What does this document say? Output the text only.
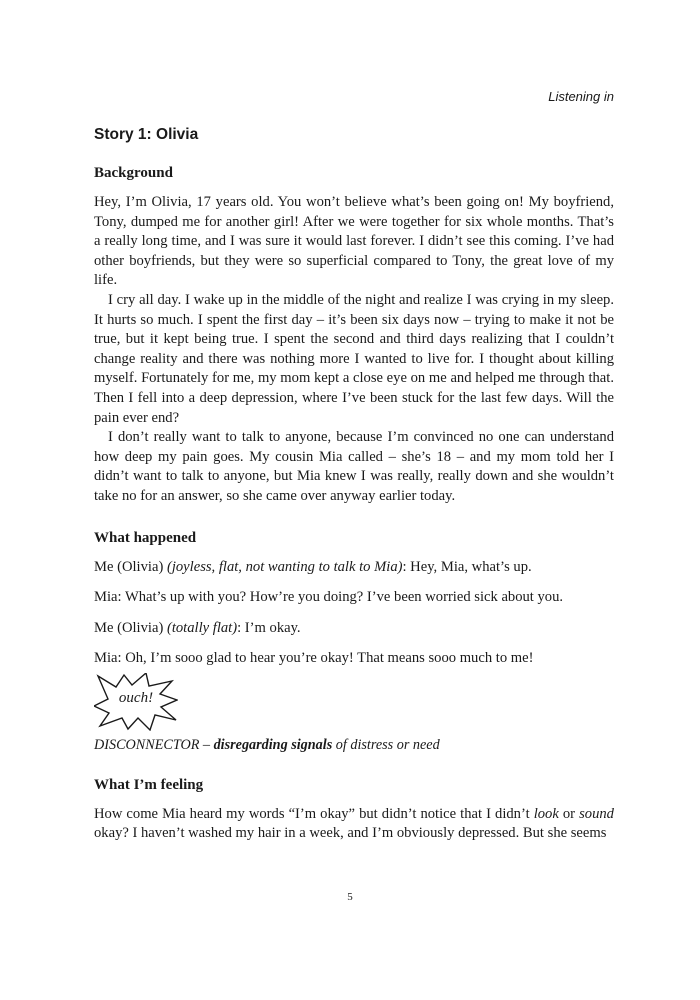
Listening in
Story 1: Olivia
Background

Hey, I’m Olivia, 17 years old. You won’t believe what’s been going on! My boyfriend, Tony, dumped me for another girl! After we were together for six whole months. That’s a really long time, and I was sure it would last forever. I didn’t see this coming. I’ve had other boyfriends, but they were so superficial compared to Tony, the great love of my life.

I cry all day. I wake up in the middle of the night and realize I was crying in my sleep. It hurts so much. I spent the first day – it’s been six days now – trying to make it not be true, but it kept being true. I spent the second and third days realizing that I couldn’t change reality and there was nothing more I wanted to live for. I thought about killing myself. Fortunately for me, my mom kept a close eye on me and helped me through that. Then I fell into a deep depression, where I’ve been stuck for the last few days. Will the pain ever end?

I don’t really want to talk to anyone, because I’m convinced no one can understand how deep my pain goes. My cousin Mia called – she’s 18 – and my mom told her I didn’t want to talk to anyone, but Mia knew I was really, really down and she wouldn’t take no for an answer, so she came over anyway earlier today.

What happened

Me (Olivia) (joyless, flat, not wanting to talk to Mia): Hey, Mia, what’s up.

Mia: What’s up with you? How’re you doing? I’ve been worried sick about you.

Me (Olivia) (totally flat): I’m okay.

Mia: Oh, I’m sooo glad to hear you’re okay! That means sooo much to me!

ouch!
DISCONNECTOR – disregarding signals of distress or need
What I’m feeling

How come Mia heard my words “I’m okay” but didn’t notice that I didn’t look or sound okay? I haven’t washed my hair in a week, and I’m obviously depressed. But she seems

5
